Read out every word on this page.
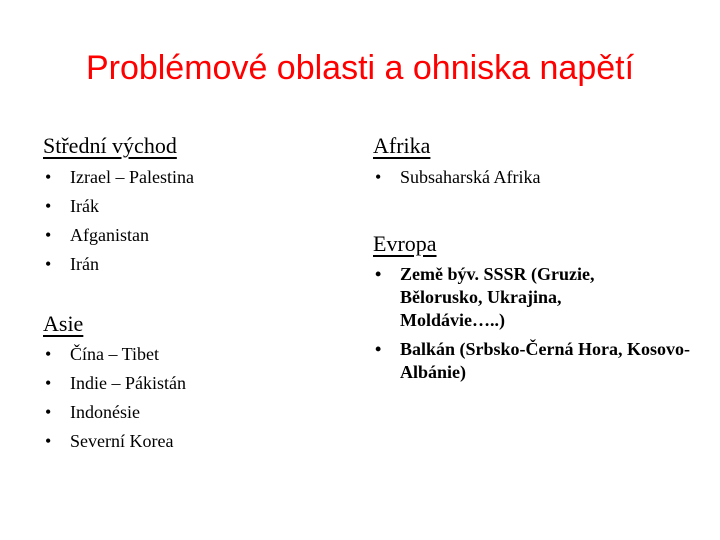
Problémové oblasti a ohniska napětí
Střední východ
• Izrael – Palestina
• Irák
• Afganistan
• Irán
Asie
• Čína – Tibet
• Indie – Pákistán
• Indonésie
• Severní Korea
Afrika
• Subsaharská Afrika
Evropa
• Země býv. SSSR (Gruzie, Bělorusko, Ukrajina, Moldávie…..)
• Balkán (Srbsko-Černá Hora, Kosovo-Albánie)
